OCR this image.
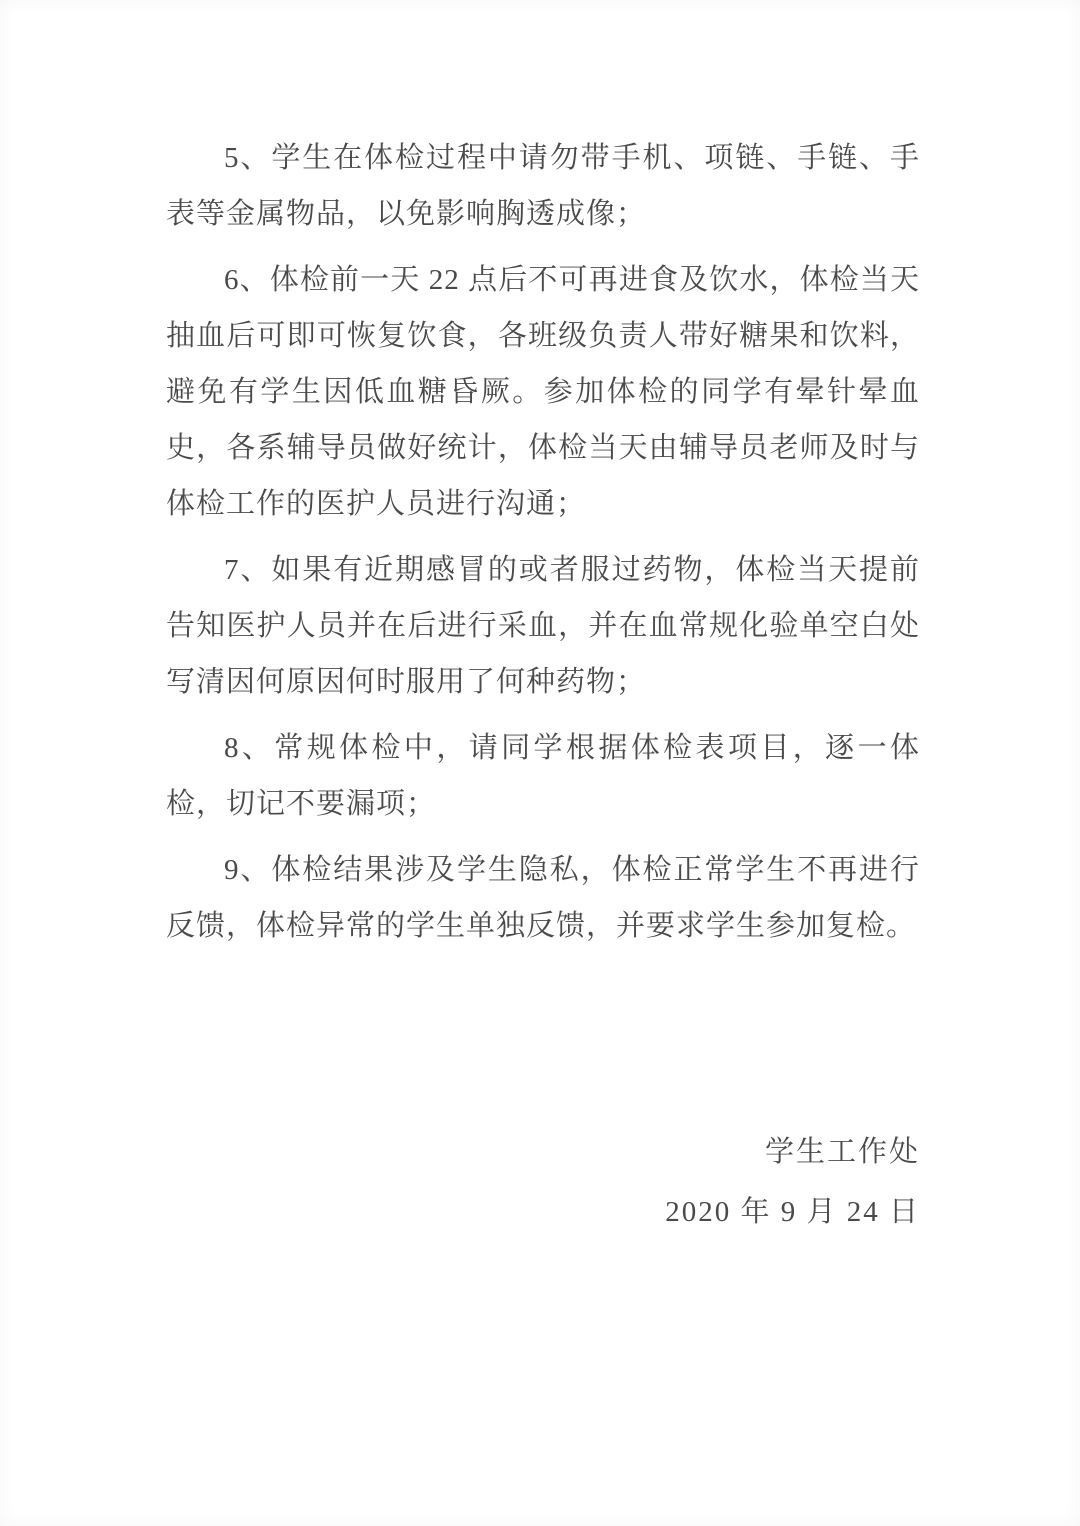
5、学生在体检过程中请勿带手机、项链、手链、手表等金属物品，以免影响胸透成像；

6、体检前一天 22 点后不可再进食及饮水，体检当天抽血后可即可恢复饮食，各班级负责人带好糖果和饮料，避免有学生因低血糖昏厥。参加体检的同学有晕针晕血史，各系辅导员做好统计，体检当天由辅导员老师及时与体检工作的医护人员进行沟通；

7、如果有近期感冒的或者服过药物，体检当天提前告知医护人员并在后进行采血，并在血常规化验单空白处写清因何原因何时服用了何种药物；

8、常规体检中，请同学根据体检表项目，逐一体检，切记不要漏项；

9、体检结果涉及学生隐私，体检正常学生不再进行反馈，体检异常的学生单独反馈，并要求学生参加复检。

学生工作处

2020 年 9 月 24 日
